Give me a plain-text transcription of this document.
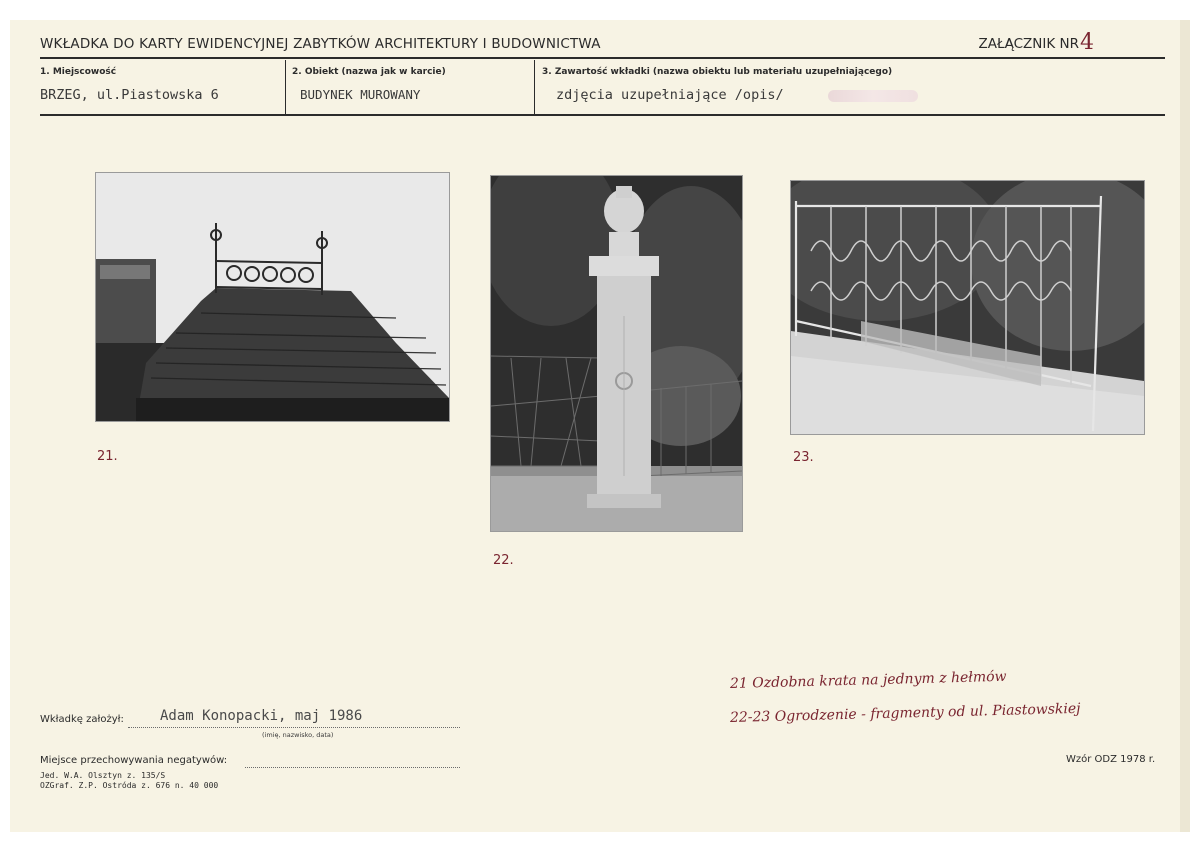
WKŁADKA DO KARTY EWIDENCYJNEJ ZABYTKÓW ARCHITEKTURY I BUDOWNICTWA	ZAŁĄCZNIK NR 4
1. Miejscowość
BRZEG, ul.Piastowska 6
2. Obiekt (nazwa jak w karcie)
BUDYNEK MUROWANY
3. Zawartość wkładki (nazwa obiektu lub materiału uzupełniającego)
zdjęcia uzupełniające /opis/
21.
22.
23.
21 Ozdobna krata na jednym z hełmów
22-23 Ogrodzenie - fragmenty od ul. Piastowskiej
Wkładkę założył:	Adam Konopacki, maj 1986
(imię, nazwisko, data)
Miejsce przechowywania negatywów:
Jed. W.A. Olsztyn z. 135/S
OZGraf. Z.P. Ostróda z. 676 n. 40 000
Wzór ODZ 1978 r.
